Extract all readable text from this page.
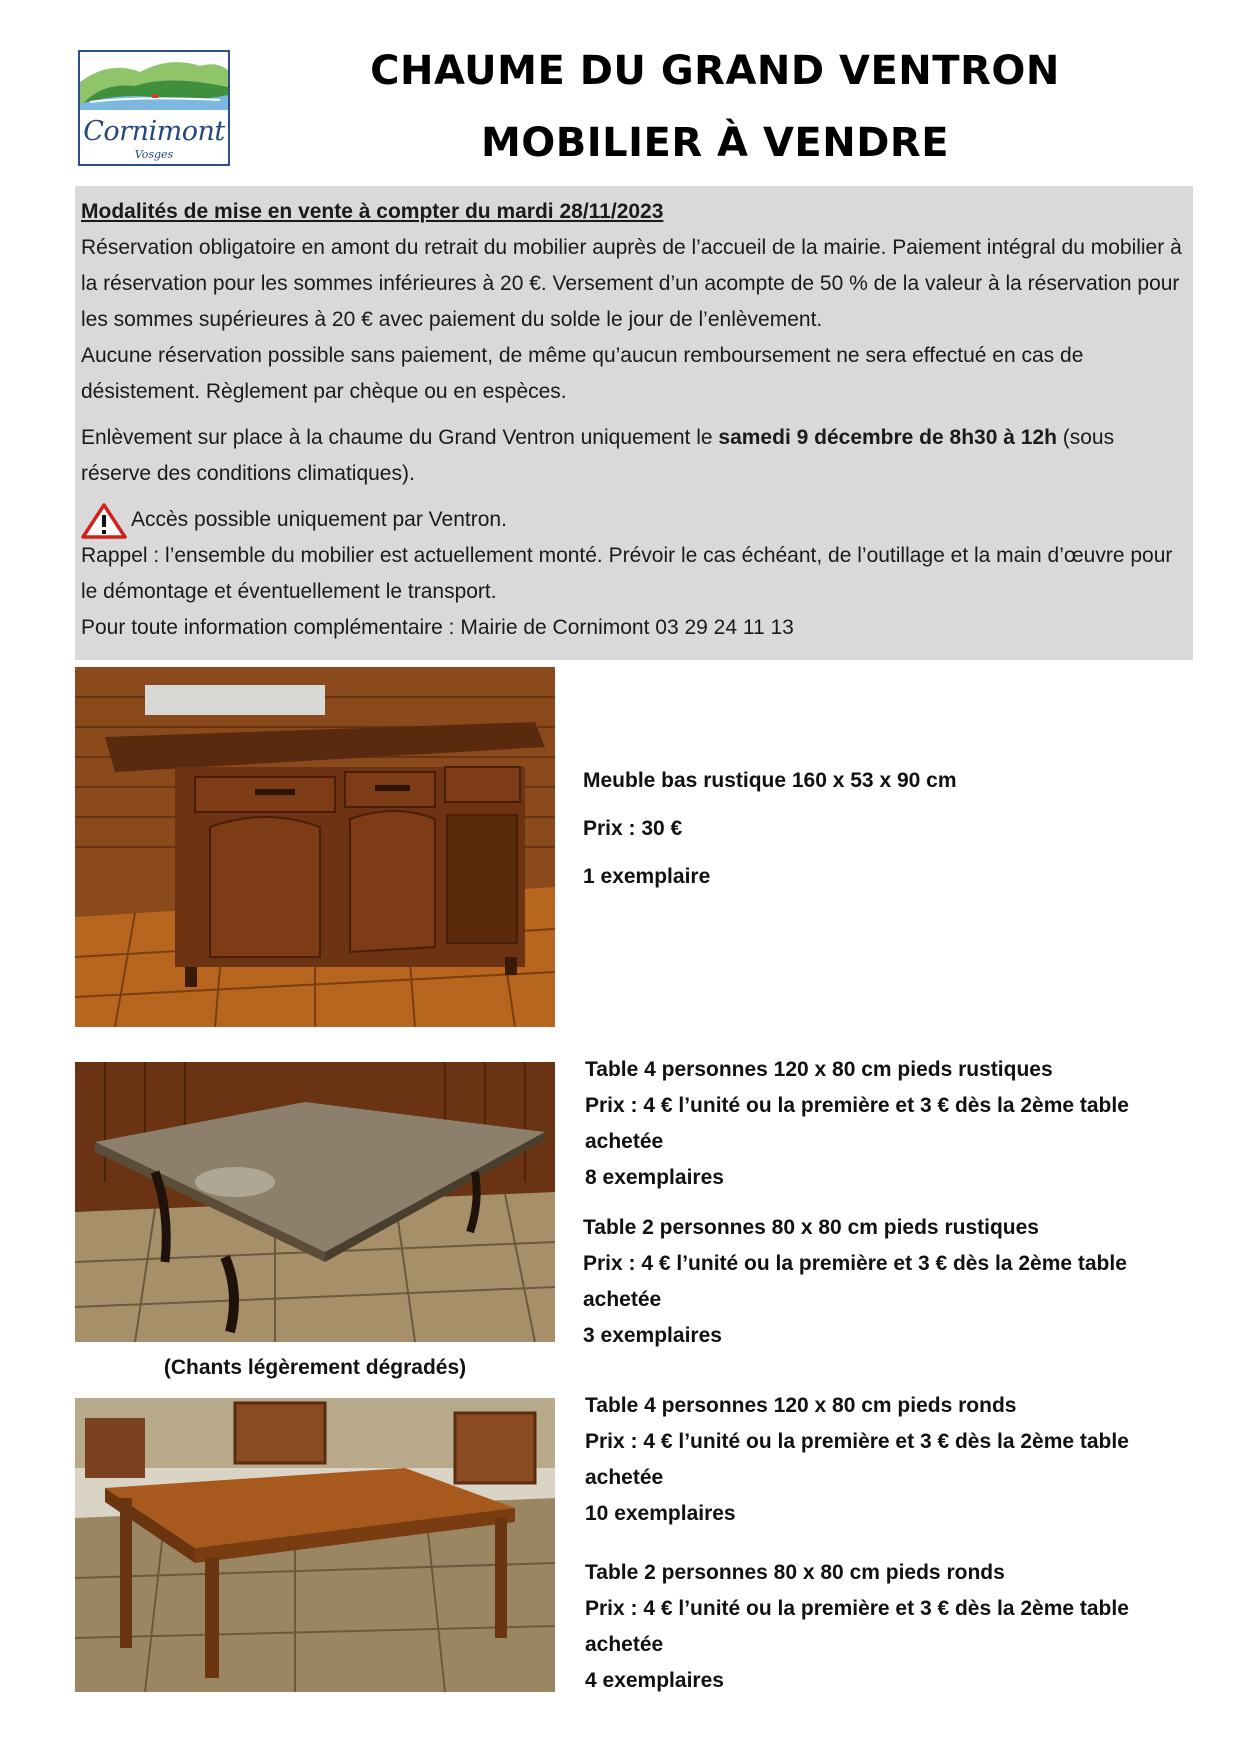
Cornimont
Vosges
CHAUME DU GRAND VENTRON
MOBILIER À VENDRE

Modalités de mise en vente à compter du mardi 28/11/2023

Réservation obligatoire en amont du retrait du mobilier auprès de l’accueil de la mairie. Paiement intégral du mobilier à la réservation pour les sommes inférieures à 20 €. Versement d’un acompte de 50 % de la valeur à la réservation pour les sommes supérieures à 20 € avec paiement du solde le jour de l’enlèvement.

Aucune réservation possible sans paiement, de même qu’aucun remboursement ne sera effectué en cas de désistement. Règlement par chèque ou en espèces.

Enlèvement sur place à la chaume du Grand Ventron uniquement le samedi 9 décembre de 8h30 à 12h (sous réserve des conditions climatiques).

Accès possible uniquement par Ventron.

Rappel : l’ensemble du mobilier est actuellement monté. Prévoir le cas échéant, de l’outillage et la main d’œuvre pour le démontage et éventuellement le transport.

Pour toute information complémentaire : Mairie de Cornimont 03 29 24 11 13

Meuble bas rustique 160 x 53 x 90 cm

Prix : 30 €

1 exemplaire

(Chants légèrement dégradés)

Table 4 personnes 120 x 80 cm pieds rustiques

Prix : 4 € l’unité ou la première et 3 € dès la 2ème table achetée

8 exemplaires

Table 2 personnes 80 x 80 cm pieds rustiques

Prix : 4 € l’unité ou la première et 3 € dès la 2ème table achetée

3 exemplaires

Table 4 personnes 120 x 80 cm pieds ronds

Prix : 4 € l’unité ou la première et 3 € dès la 2ème table achetée

10 exemplaires

Table 2 personnes 80 x 80 cm pieds ronds

Prix : 4 € l’unité ou la première et 3 € dès la 2ème table achetée

4 exemplaires
